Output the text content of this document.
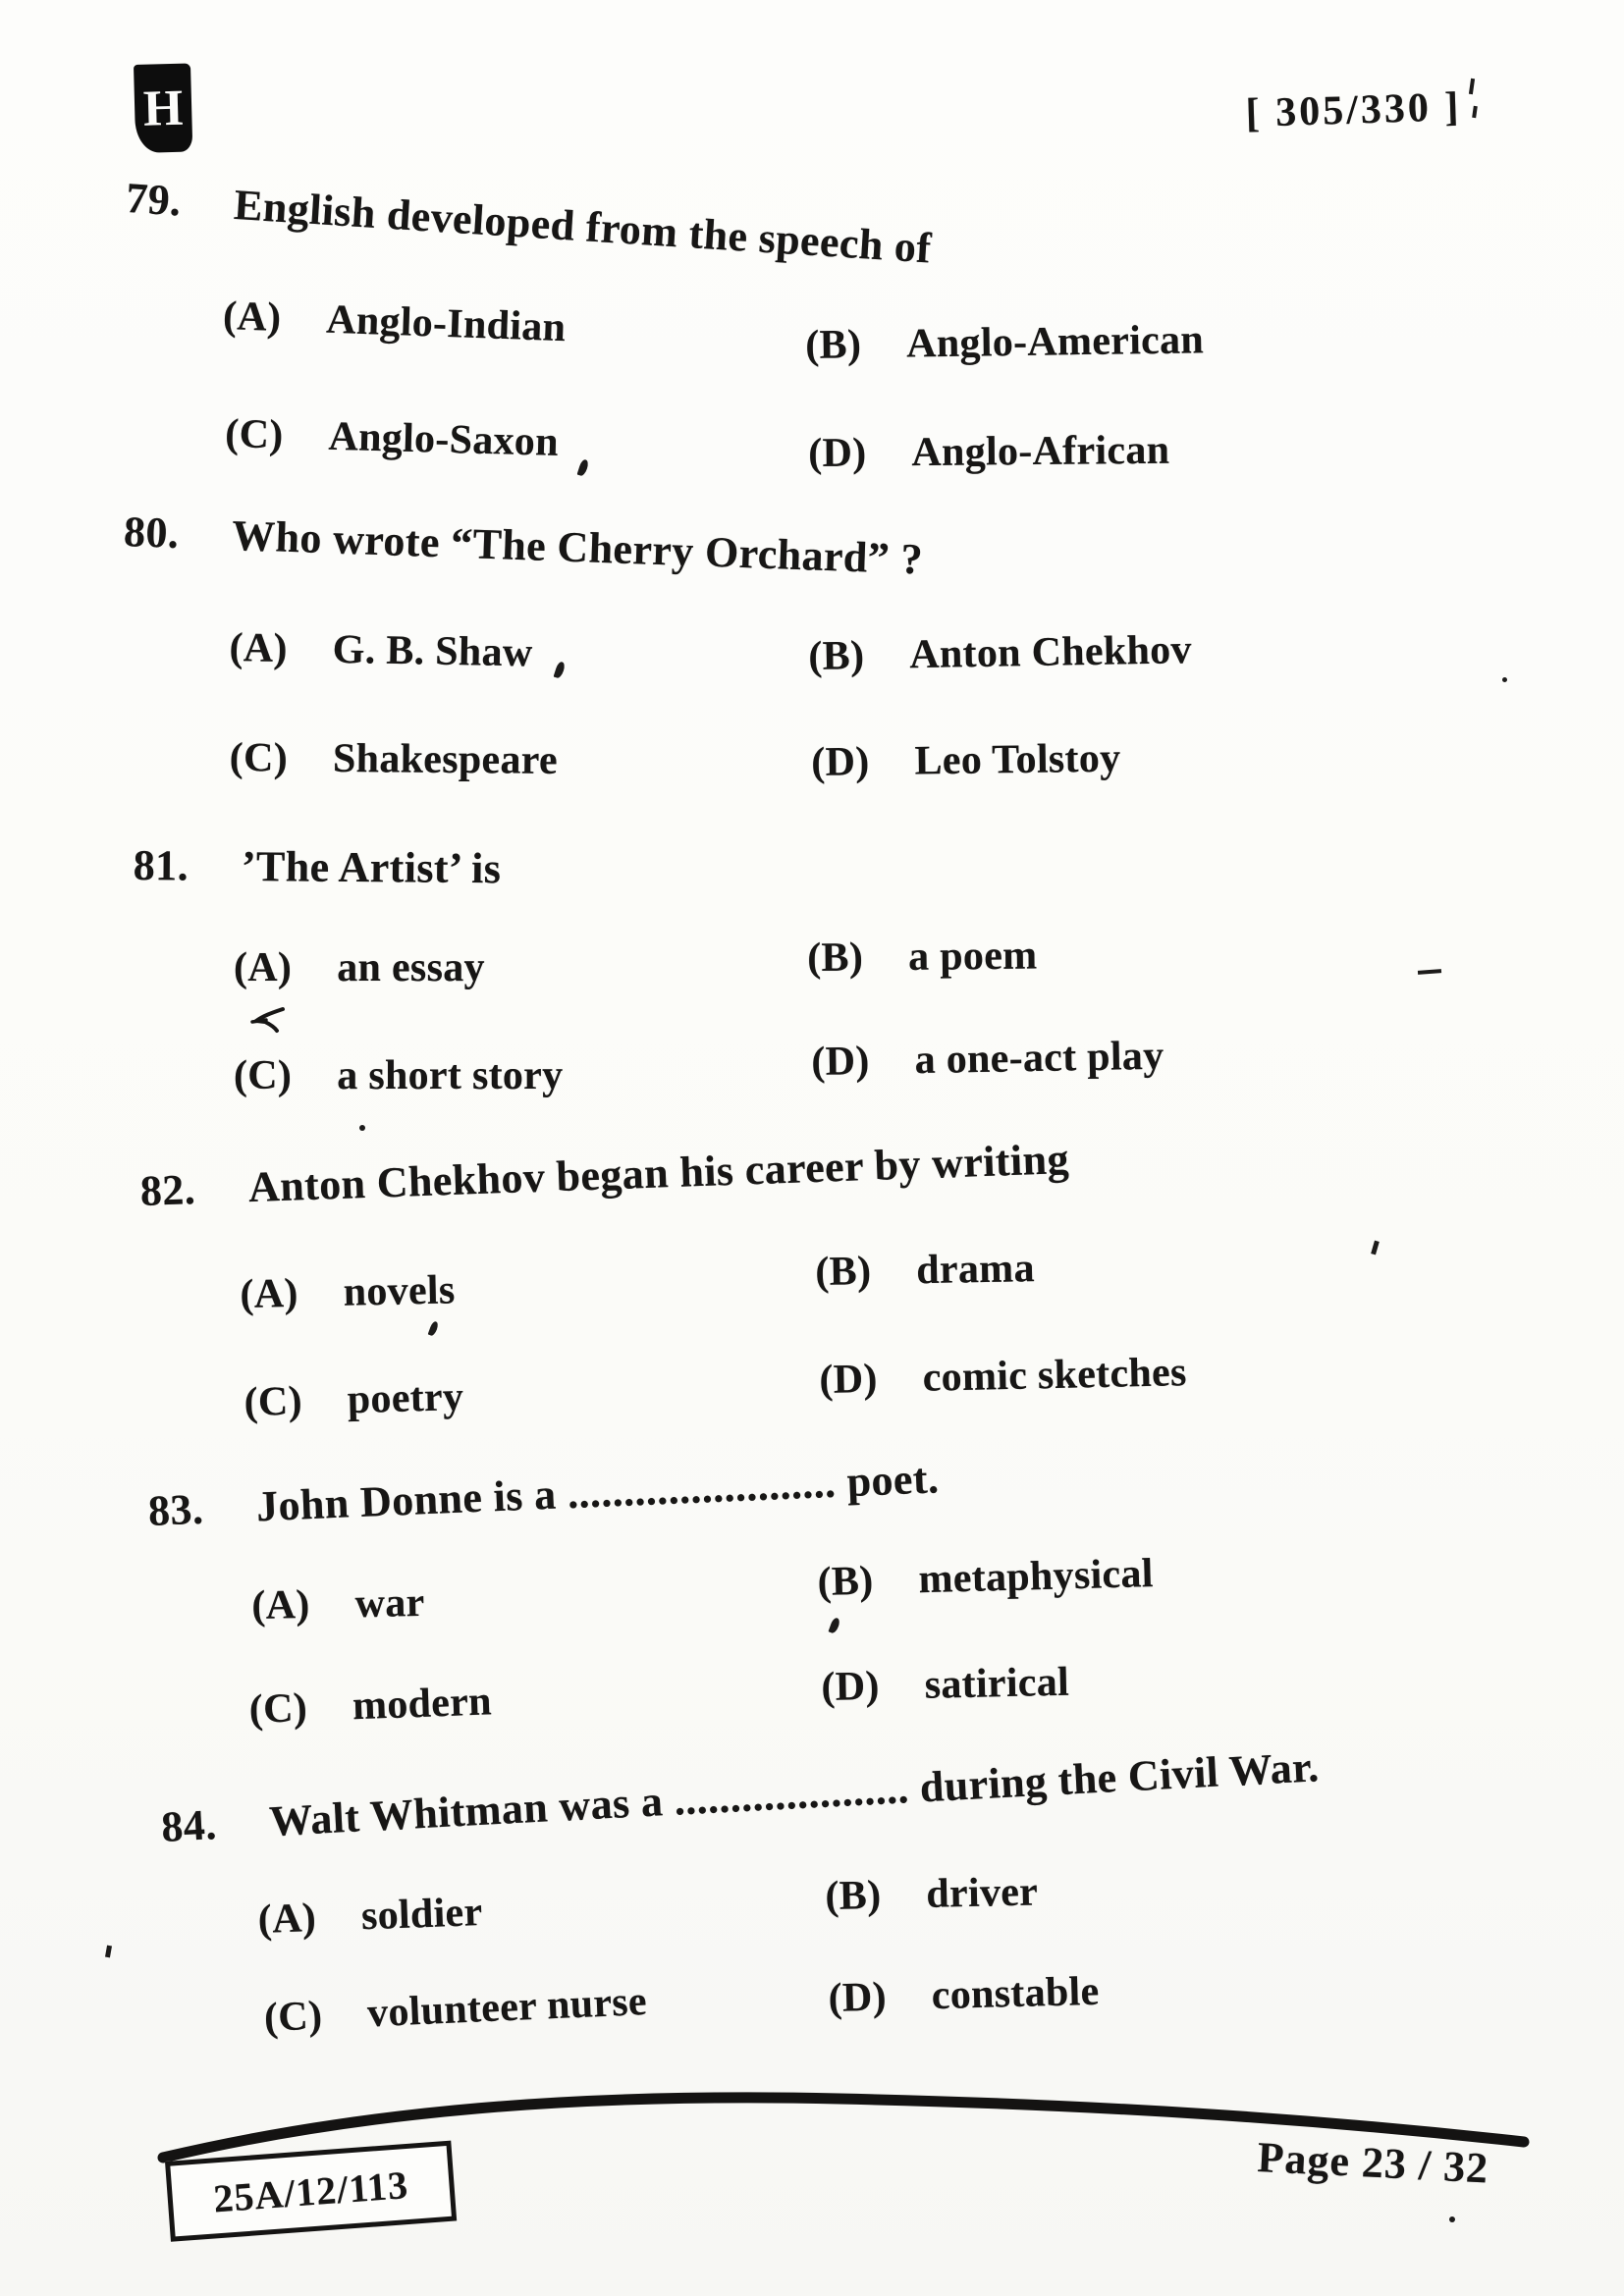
H	[ 305/330 ]
79. English developed from the speech of
(A) Anglo-Indian	(B) Anglo-American
(C) Anglo-Saxon	(D) Anglo-African
80. Who wrote “The Cherry Orchard” ?
(A) G. B. Shaw	(B) Anton Chekhov
(C) Shakespeare	(D) Leo Tolstoy
81. ’The Artist’ is
(A) an essay	(B) a poem
(C) a short story	(D) a one-act play
82. Anton Chekhov began his career by writing
(A) novels	(B) drama
(C) poetry	(D) comic sketches
83. John Donne is a ........................ poet.
(A) war	(B) metaphysical
(C) modern	(D) satirical
84. Walt Whitman was a ..................... during the Civil War.
(A) soldier	(B) driver
(C) volunteer nurse	(D) constable
25A/12/113	Page 23 / 32
